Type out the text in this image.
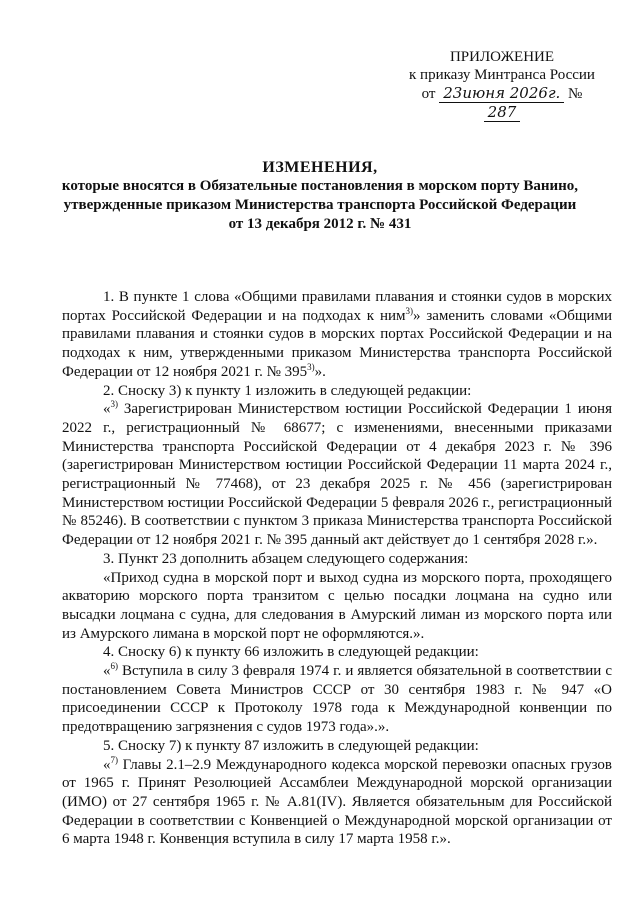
ПРИЛОЖЕНИЕ
к приказу Минтранса России
от 23июня 2026г. № 287
ИЗМЕНЕНИЯ,
которые вносятся в Обязательные постановления в морском порту Ванино,
утвержденные приказом Министерства транспорта Российской Федерации
от 13 декабря 2012 г. № 431

1. В пункте 1 слова «Общими правилами плавания и стоянки судов в морских портах Российской Федерации и на подходах к ним$^{3)}$» заменить словами «Общими правилами плавания и стоянки судов в морских портах Российской Федерации и на подходах к ним, утвержденными приказом Министерства транспорта Российской Федерации от 12 ноября 2021 г. № 395$^{3)}$».

2. Сноску 3) к пункту 1 изложить в следующей редакции:

«$^{3)}$ Зарегистрирован Министерством юстиции Российской Федерации 1 июня 2022 г., регистрационный № 68677; с изменениями, внесенными приказами Министерства транспорта Российской Федерации от 4 декабря 2023 г. № 396 (зарегистрирован Министерством юстиции Российской Федерации 11 марта 2024 г., регистрационный № 77468), от 23 декабря 2025 г. № 456 (зарегистрирован Министерством юстиции Российской Федерации 5 февраля 2026 г., регистрационный № 85246). В соответствии с пунктом 3 приказа Министерства транспорта Российской Федерации от 12 ноября 2021 г. № 395 данный акт действует до 1 сентября 2028 г.».

3. Пункт 23 дополнить абзацем следующего содержания:

«Приход судна в морской порт и выход судна из морского порта, проходящего акваторию морского порта транзитом с целью посадки лоцмана на судно или высадки лоцмана с судна, для следования в Амурский лиман из морского порта или из Амурского лимана в морской порт не оформляются.».

4. Сноску 6) к пункту 66 изложить в следующей редакции:

«$^{6)}$ Вступила в силу 3 февраля 1974 г. и является обязательной в соответствии с постановлением Совета Министров СССР от 30 сентября 1983 г. № 947 «О присоединении СССР к Протоколу 1978 года к Международной конвенции по предотвращению загрязнения с судов 1973 года».».

5. Сноску 7) к пункту 87 изложить в следующей редакции:

«$^{7)}$ Главы 2.1–2.9 Международного кодекса морской перевозки опасных грузов от 1965 г. Принят Резолюцией Ассамблеи Международной морской организации (ИМО) от 27 сентября 1965 г. № А.81(IV). Является обязательным для Российской Федерации в соответствии с Конвенцией о Международной морской организации от 6 марта 1948 г. Конвенция вступила в силу 17 марта 1958 г.».
